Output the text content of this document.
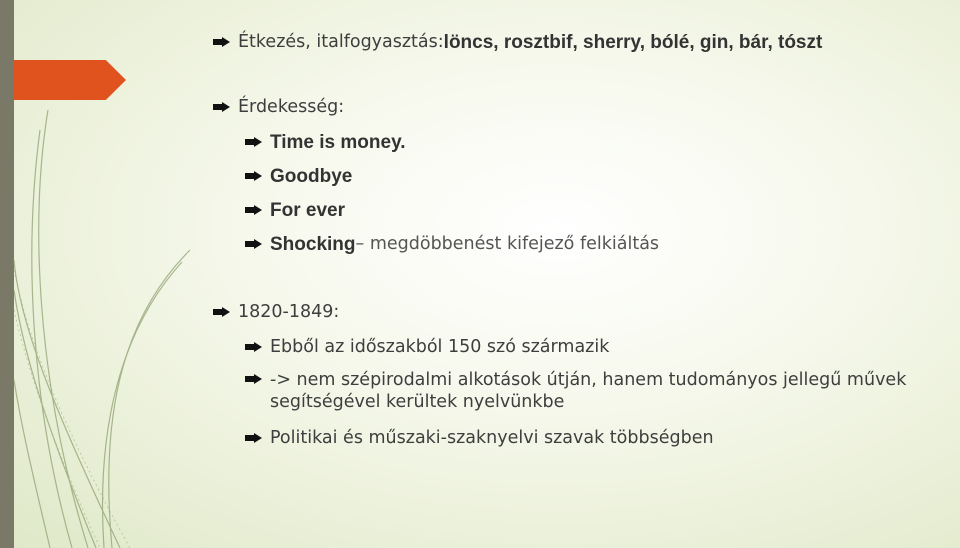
Étkezés, italfogyasztás: löncs, rosztbif, sherry, bólé, gin, bár, tószt
Érdekesség:
Time is money.
Goodbye
For ever
Shocking – megdöbbenést kifejező felkiáltás
1820-1849:
Ebből az időszakból 150 szó származik
-> nem szépirodalmi alkotások útján, hanem tudományos jellegű művek segítségével kerültek nyelvünkbe
Politikai és műszaki-szaknyelvi szavak többségben
